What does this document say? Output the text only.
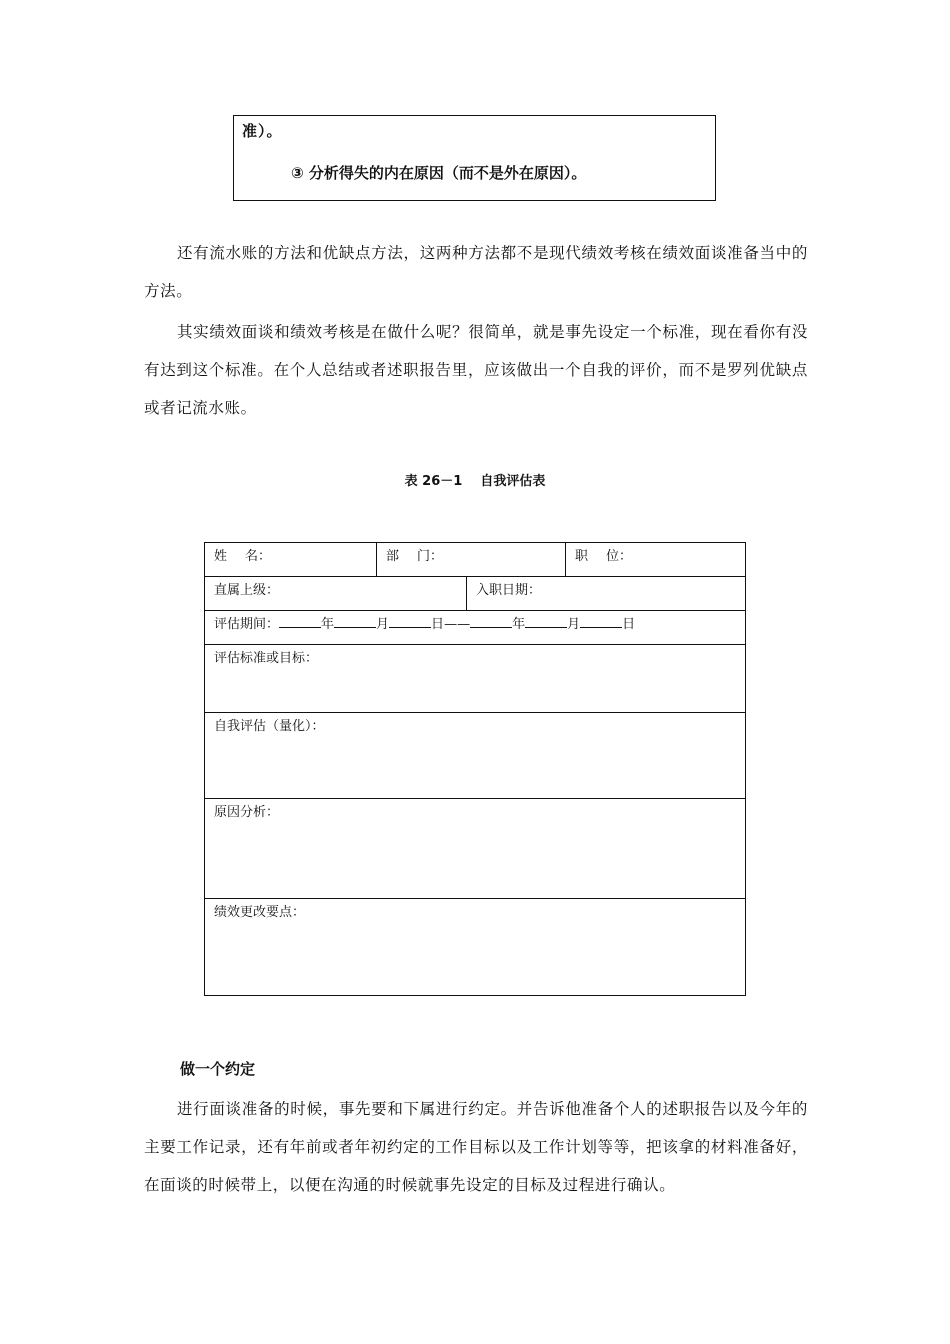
准）。
③ 分析得失的内在原因（而不是外在原因）。

还有流水账的方法和优缺点方法，这两种方法都不是现代绩效考核在绩效面谈准备当中的方法。

其实绩效面谈和绩效考核是在做什么呢？很简单，就是事先设定一个标准，现在看你有没有达到这个标准。在个人总结或者述职报告里，应该做出一个自我的评价，而不是罗列优缺点或者记流水账。

表 26－1 自我评估表
姓 名：	部 门：	职 位：
直属上级：	入职日期：
评估期间：	年	月	日——	年	月	日
评估标准或目标：
自我评估（量化）：
原因分析：
绩效更改要点：
做一个约定

进行面谈准备的时候，事先要和下属进行约定。并告诉他准备个人的述职报告以及今年的主要工作记录，还有年前或者年初约定的工作目标以及工作计划等等，把该拿的材料准备好，在面谈的时候带上，以便在沟通的时候就事先设定的目标及过程进行确认。
